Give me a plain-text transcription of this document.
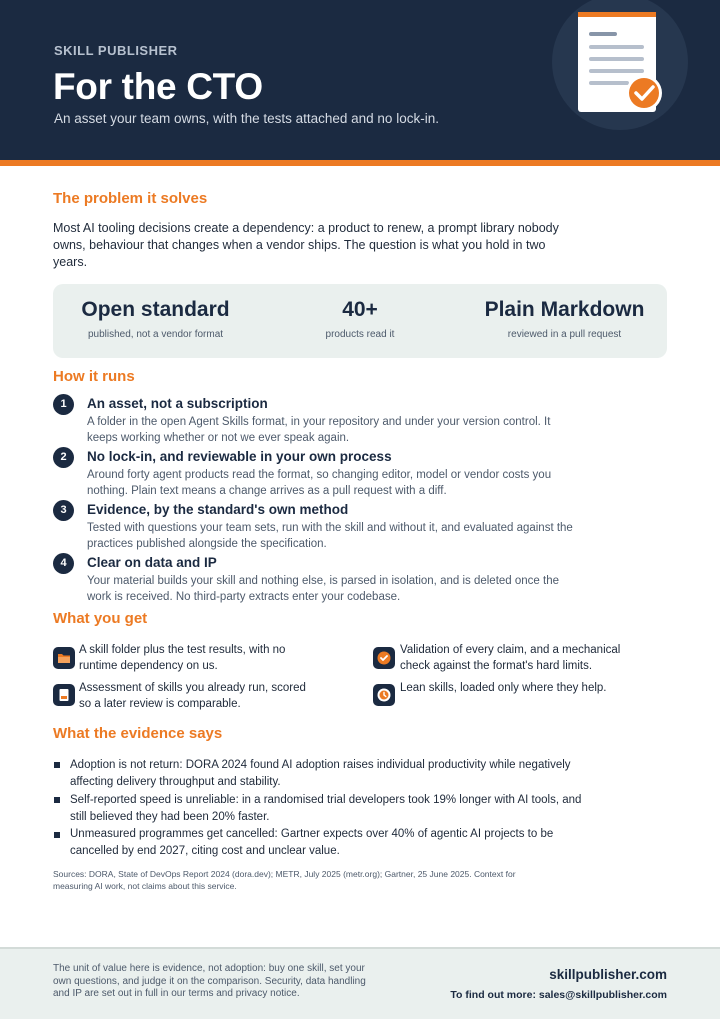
SKILL PUBLISHER
For the CTO
An asset your team owns, with the tests attached and no lock-in.
The problem it solves
Most AI tooling decisions create a dependency: a product to renew, a prompt library nobody
owns, behaviour that changes when a vendor ships. The question is what you hold in two years.
Open standard
published, not a vendor format
40+
products read it
Plain Markdown
reviewed in a pull request
How it runs
1	An asset, not a subscription
A folder in the open Agent Skills format, in your repository and under your version control. It
keeps working whether or not we ever speak again.
2	No lock-in, and reviewable in your own process
Around forty agent products read the format, so changing editor, model or vendor costs you
nothing. Plain text means a change arrives as a pull request with a diff.
3	Evidence, by the standard's own method
Tested with questions your team sets, run with the skill and without it, and evaluated against the
practices published alongside the specification.
4	Clear on data and IP
Your material builds your skill and nothing else, is parsed in isolation, and is deleted once the
work is received. No third-party extracts enter your codebase.
What you get
A skill folder plus the test results, with no
runtime dependency on us.
Validation of every claim, and a mechanical
check against the format's hard limits.
Assessment of skills you already run, scored
so a later review is comparable.
Lean skills, loaded only where they help.
What the evidence says
Adoption is not return: DORA 2024 found AI adoption raises individual productivity while negatively
affecting delivery throughput and stability.
Self-reported speed is unreliable: in a randomised trial developers took 19% longer with AI tools, and
still believed they had been 20% faster.
Unmeasured programmes get cancelled: Gartner expects over 40% of agentic AI projects to be
cancelled by end 2027, citing cost and unclear value.
Sources: DORA, State of DevOps Report 2024 (dora.dev); METR, July 2025 (metr.org); Gartner, 25 June 2025. Context for
measuring AI work, not claims about this service.
The unit of value here is evidence, not adoption: buy one skill, set your
own questions, and judge it on the comparison. Security, data handling
and IP are set out in full in our terms and privacy notice.
skillpublisher.com
To find out more: sales@skillpublisher.com
